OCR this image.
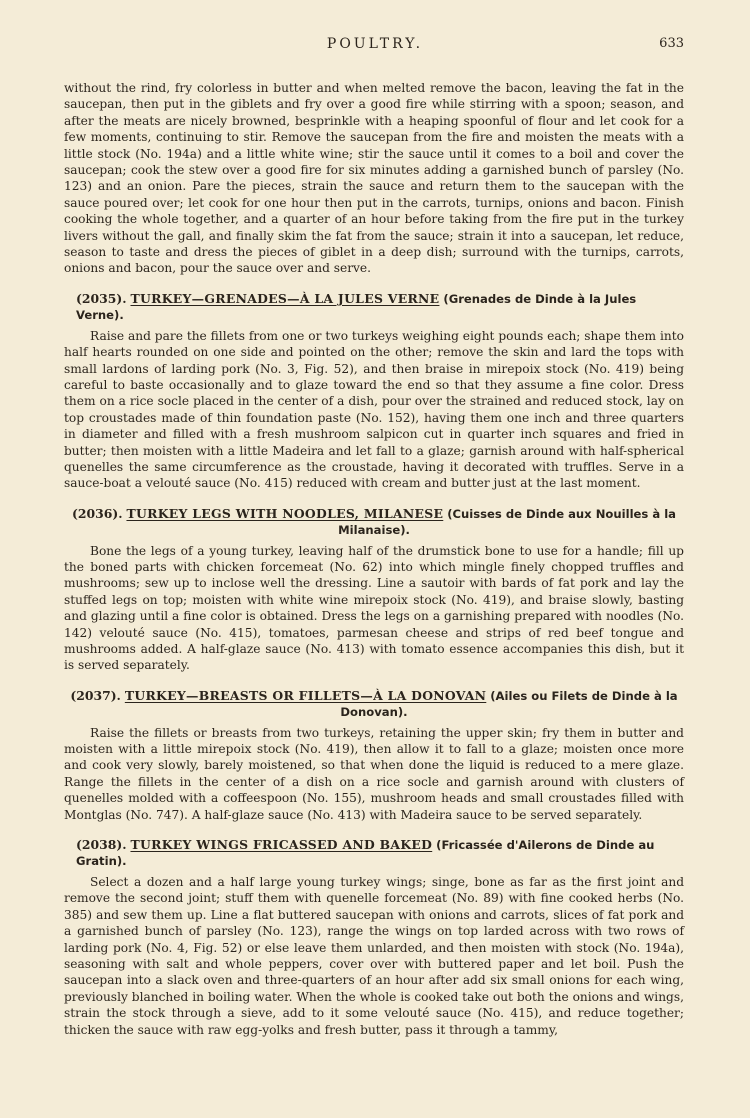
POULTRY.	633

without the rind, fry colorless in butter and when melted remove the bacon, leaving the fat in the saucepan, then put in the giblets and fry over a good fire while stirring with a spoon; season, and after the meats are nicely browned, besprinkle with a heaping spoonful of flour and let cook for a few moments, continuing to stir. Remove the saucepan from the fire and moisten the meats with a little stock (No. 194a) and a little white wine; stir the sauce until it comes to a boil and cover the saucepan; cook the stew over a good fire for six minutes adding a garnished bunch of parsley (No. 123) and an onion. Pare the pieces, strain the sauce and return them to the saucepan with the sauce poured over; let cook for one hour then put in the carrots, turnips, onions and bacon. Finish cooking the whole together, and a quarter of an hour before taking from the fire put in the turkey livers without the gall, and finally skim the fat from the sauce; strain it into a saucepan, let reduce, season to taste and dress the pieces of giblet in a deep dish; surround with the turnips, carrots, onions and bacon, pour the sauce over and serve.

(2035). TURKEY—GRENADES—À LA JULES VERNE (Grenades de Dinde à la Jules Verne).

Raise and pare the fillets from one or two turkeys weighing eight pounds each; shape them into half hearts rounded on one side and pointed on the other; remove the skin and lard the tops with small lardons of larding pork (No. 3, Fig. 52), and then braise in mirepoix stock (No. 419) being careful to baste occasionally and to glaze toward the end so that they assume a fine color. Dress them on a rice socle placed in the center of a dish, pour over the strained and reduced stock, lay on top croustades made of thin foundation paste (No. 152), having them one inch and three quarters in diameter and filled with a fresh mushroom salpicon cut in quarter inch squares and fried in butter; then moisten with a little Madeira and let fall to a glaze; garnish around with half-spherical quenelles the same circumference as the croustade, having it decorated with truffles. Serve in a sauce-boat a velouté sauce (No. 415) reduced with cream and butter just at the last moment.

(2036). TURKEY LEGS WITH NOODLES, MILANESE (Cuisses de Dinde aux Nouilles à la Milanaise).

Bone the legs of a young turkey, leaving half of the drumstick bone to use for a handle; fill up the boned parts with chicken forcemeat (No. 62) into which mingle finely chopped truffles and mushrooms; sew up to inclose well the dressing. Line a sautoir with bards of fat pork and lay the stuffed legs on top; moisten with white wine mirepoix stock (No. 419), and braise slowly, basting and glazing until a fine color is obtained. Dress the legs on a garnishing prepared with noodles (No. 142) velouté sauce (No. 415), tomatoes, parmesan cheese and strips of red beef tongue and mushrooms added. A half-glaze sauce (No. 413) with tomato essence accompanies this dish, but it is served separately.

(2037). TURKEY—BREASTS OR FILLETS—À LA DONOVAN (Ailes ou Filets de Dinde à la Donovan).

Raise the fillets or breasts from two turkeys, retaining the upper skin; fry them in butter and moisten with a little mirepoix stock (No. 419), then allow it to fall to a glaze; moisten once more and cook very slowly, barely moistened, so that when done the liquid is reduced to a mere glaze. Range the fillets in the center of a dish on a rice socle and garnish around with clusters of quenelles molded with a coffeespoon (No. 155), mushroom heads and small croustades filled with Montglas (No. 747). A half-glaze sauce (No. 413) with Madeira sauce to be served separately.

(2038). TURKEY WINGS FRICASSED AND BAKED (Fricassée d'Ailerons de Dinde au Gratin).

Select a dozen and a half large young turkey wings; singe, bone as far as the first joint and remove the second joint; stuff them with quenelle forcemeat (No. 89) with fine cooked herbs (No. 385) and sew them up. Line a flat buttered saucepan with onions and carrots, slices of fat pork and a garnished bunch of parsley (No. 123), range the wings on top larded across with two rows of larding pork (No. 4, Fig. 52) or else leave them unlarded, and then moisten with stock (No. 194a), seasoning with salt and whole peppers, cover over with buttered paper and let boil. Push the saucepan into a slack oven and three-quarters of an hour after add six small onions for each wing, previously blanched in boiling water. When the whole is cooked take out both the onions and wings, strain the stock through a sieve, add to it some velouté sauce (No. 415), and reduce together; thicken the sauce with raw egg-yolks and fresh butter, pass it through a tammy,
